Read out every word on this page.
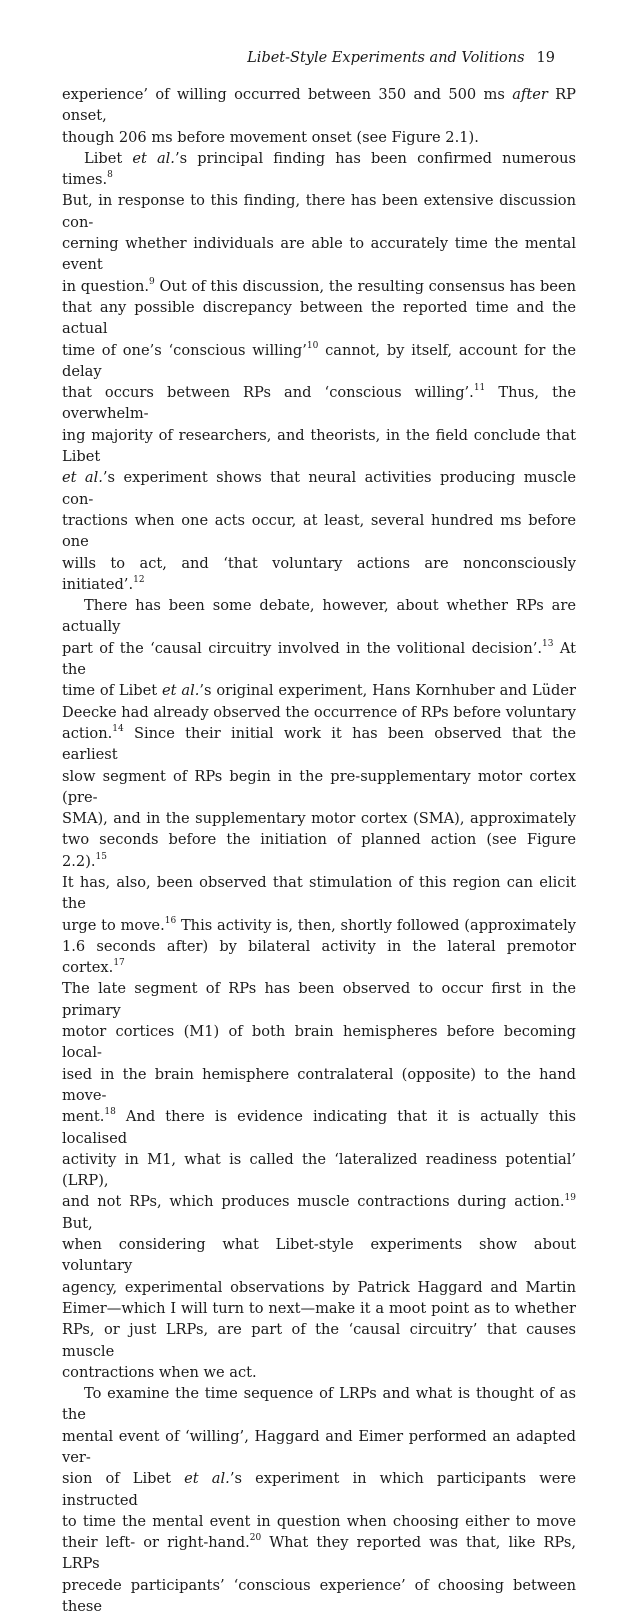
Libet-Style Experiments and Volitions 19

experience’ of willing occurred between 350 and 500 ms after RP onset,
though 206 ms before movement onset (see Figure 2.1).

Libet et al.’s principal finding has been confirmed numerous times.$^8$
But, in response to this finding, there has been extensive discussion con-
cerning whether individuals are able to accurately time the mental event
in question.$^9$ Out of this discussion, the resulting consensus has been
that any possible discrepancy between the reported time and the actual
time of one’s ‘conscious willing’$^{10}$ cannot, by itself, account for the delay
that occurs between RPs and ‘conscious willing’.$^{11}$ Thus, the overwhelm-
ing majority of researchers, and theorists, in the field conclude that Libet
et al.’s experiment shows that neural activities producing muscle con-
tractions when one acts occur, at least, several hundred ms before one
wills to act, and ‘that voluntary actions are nonconsciously initiated’.$^{12}$

There has been some debate, however, about whether RPs are actually
part of the ‘causal circuitry involved in the volitional decision’.$^{13}$ At the
time of Libet et al.’s original experiment, Hans Kornhuber and Lüder
Deecke had already observed the occurrence of RPs before voluntary
action.$^{14}$ Since their initial work it has been observed that the earliest
slow segment of RPs begin in the pre-supplementary motor cortex (pre-
SMA), and in the supplementary motor cortex (SMA), approximately
two seconds before the initiation of planned action (see Figure 2.2).$^{15}$
It has, also, been observed that stimulation of this region can elicit the
urge to move.$^{16}$ This activity is, then, shortly followed (approximately
1.6 seconds after) by bilateral activity in the lateral premotor cortex.$^{17}$
The late segment of RPs has been observed to occur first in the primary
motor cortices (M1) of both brain hemispheres before becoming local-
ised in the brain hemisphere contralateral (opposite) to the hand move-
ment.$^{18}$ And there is evidence indicating that it is actually this localised
activity in M1, what is called the ‘lateralized readiness potential’ (LRP),
and not RPs, which produces muscle contractions during action.$^{19}$ But,
when considering what Libet-style experiments show about voluntary
agency, experimental observations by Patrick Haggard and Martin
Eimer—which I will turn to next—make it a moot point as to whether
RPs, or just LRPs, are part of the ‘causal circuitry’ that causes muscle
contractions when we act.

To examine the time sequence of LRPs and what is thought of as the
mental event of ‘willing’, Haggard and Eimer performed an adapted ver-
sion of Libet et al.’s experiment in which participants were instructed
to time the mental event in question when choosing either to move
their left- or right-hand.$^{20}$ What they reported was that, like RPs, LRPs
precede participants’ ‘conscious experience’ of choosing between these
